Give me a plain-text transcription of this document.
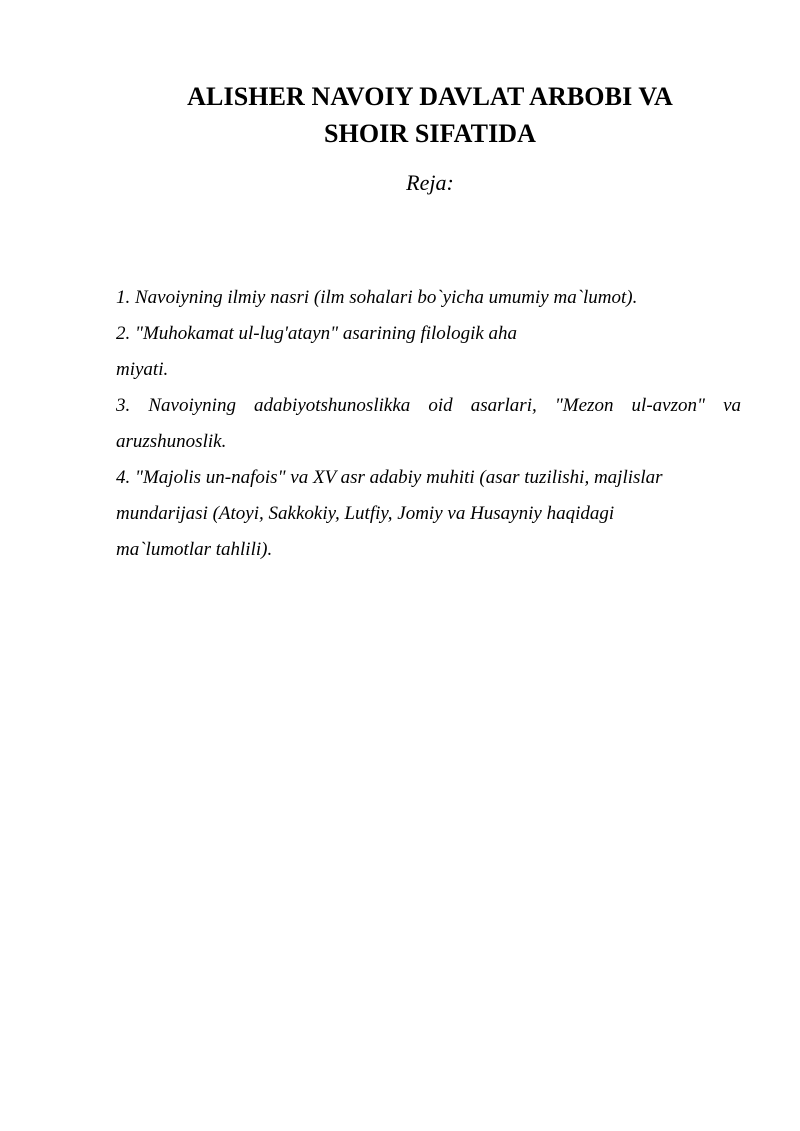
ALISHER NAVOIY DAVLAT ARBOBI VA
SHOIR SIFATIDA

Reja:

1. Navoiyning ilmiy nasri (ilm sohalari bo`yicha umumiy ma`lumot).
2. "Muhokamat ul-lug'atayn" asarining filologik aha
miyati.
3. Navoiyning adabiyotshunoslikka oid asarlari, "Mezon ul-avzon" va
aruzshunoslik.
4. "Majolis un-nafois" va XV asr adabiy muhiti (asar tuzilishi, majlislar
mundarijasi (Atoyi, Sakkokiy, Lutfiy, Jomiy va Husayniy haqidagi
ma`lumotlar tahlili).
